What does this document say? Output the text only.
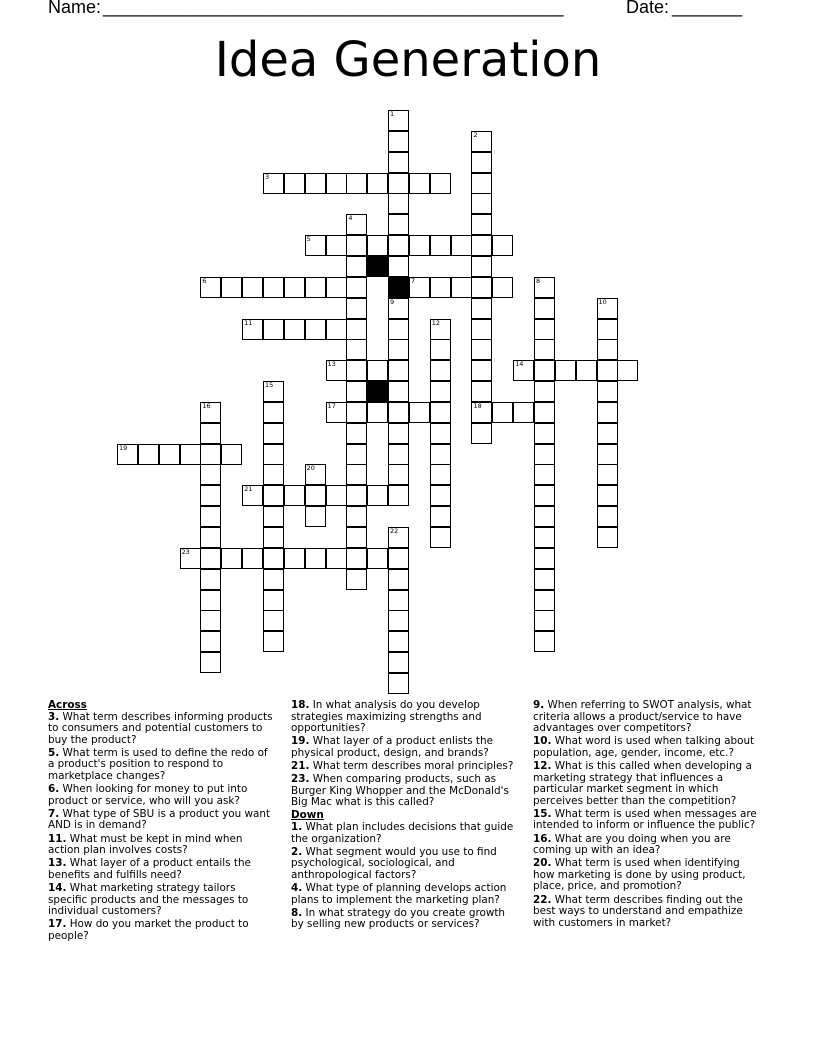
Name: ______________________________________________	Date: _______
Idea Generation
1
9
2
18
3
4
5
6	7	8
10
11	12
13	14
15
16	17
19
20
21
22
23
Across
3. What term describes informing products to consumers and potential customers to buy the product?
5. What term is used to define the redo of a product's position to respond to marketplace changes?
6. When looking for money to put into product or service, who will you ask?
7. What type of SBU is a product you want AND is in demand?
11. What must be kept in mind when action plan involves costs?
13. What layer of a product entails the benefits and fulfills need?
14. What marketing strategy tailors specific products and the messages to individual customers?
17. How do you market the product to people?
18. In what analysis do you develop strategies maximizing strengths and opportunities?
19. What layer of a product enlists the physical product, design, and brands?
21. What term describes moral principles?
23. When comparing products, such as Burger King Whopper and the McDonald's Big Mac what is this called?
Down
1. What plan includes decisions that guide the organization?
2. What segment would you use to find psychological, sociological, and anthropological factors?
4. What type of planning develops action plans to implement the marketing plan?
8. In what strategy do you create growth by selling new products or services?
9. When referring to SWOT analysis, what criteria allows a product/service to have advantages over competitors?
10. What word is used when talking about population, age, gender, income, etc.?
12. What is this called when developing a marketing strategy that influences a particular market segment in which perceives better than the competition?
15. What term is used when messages are intended to inform or influence the public?
16. What are you doing when you are coming up with an idea?
20. What term is used when identifying how marketing is done by using product, place, price, and promotion?
22. What term describes finding out the best ways to understand and empathize with customers in market?
